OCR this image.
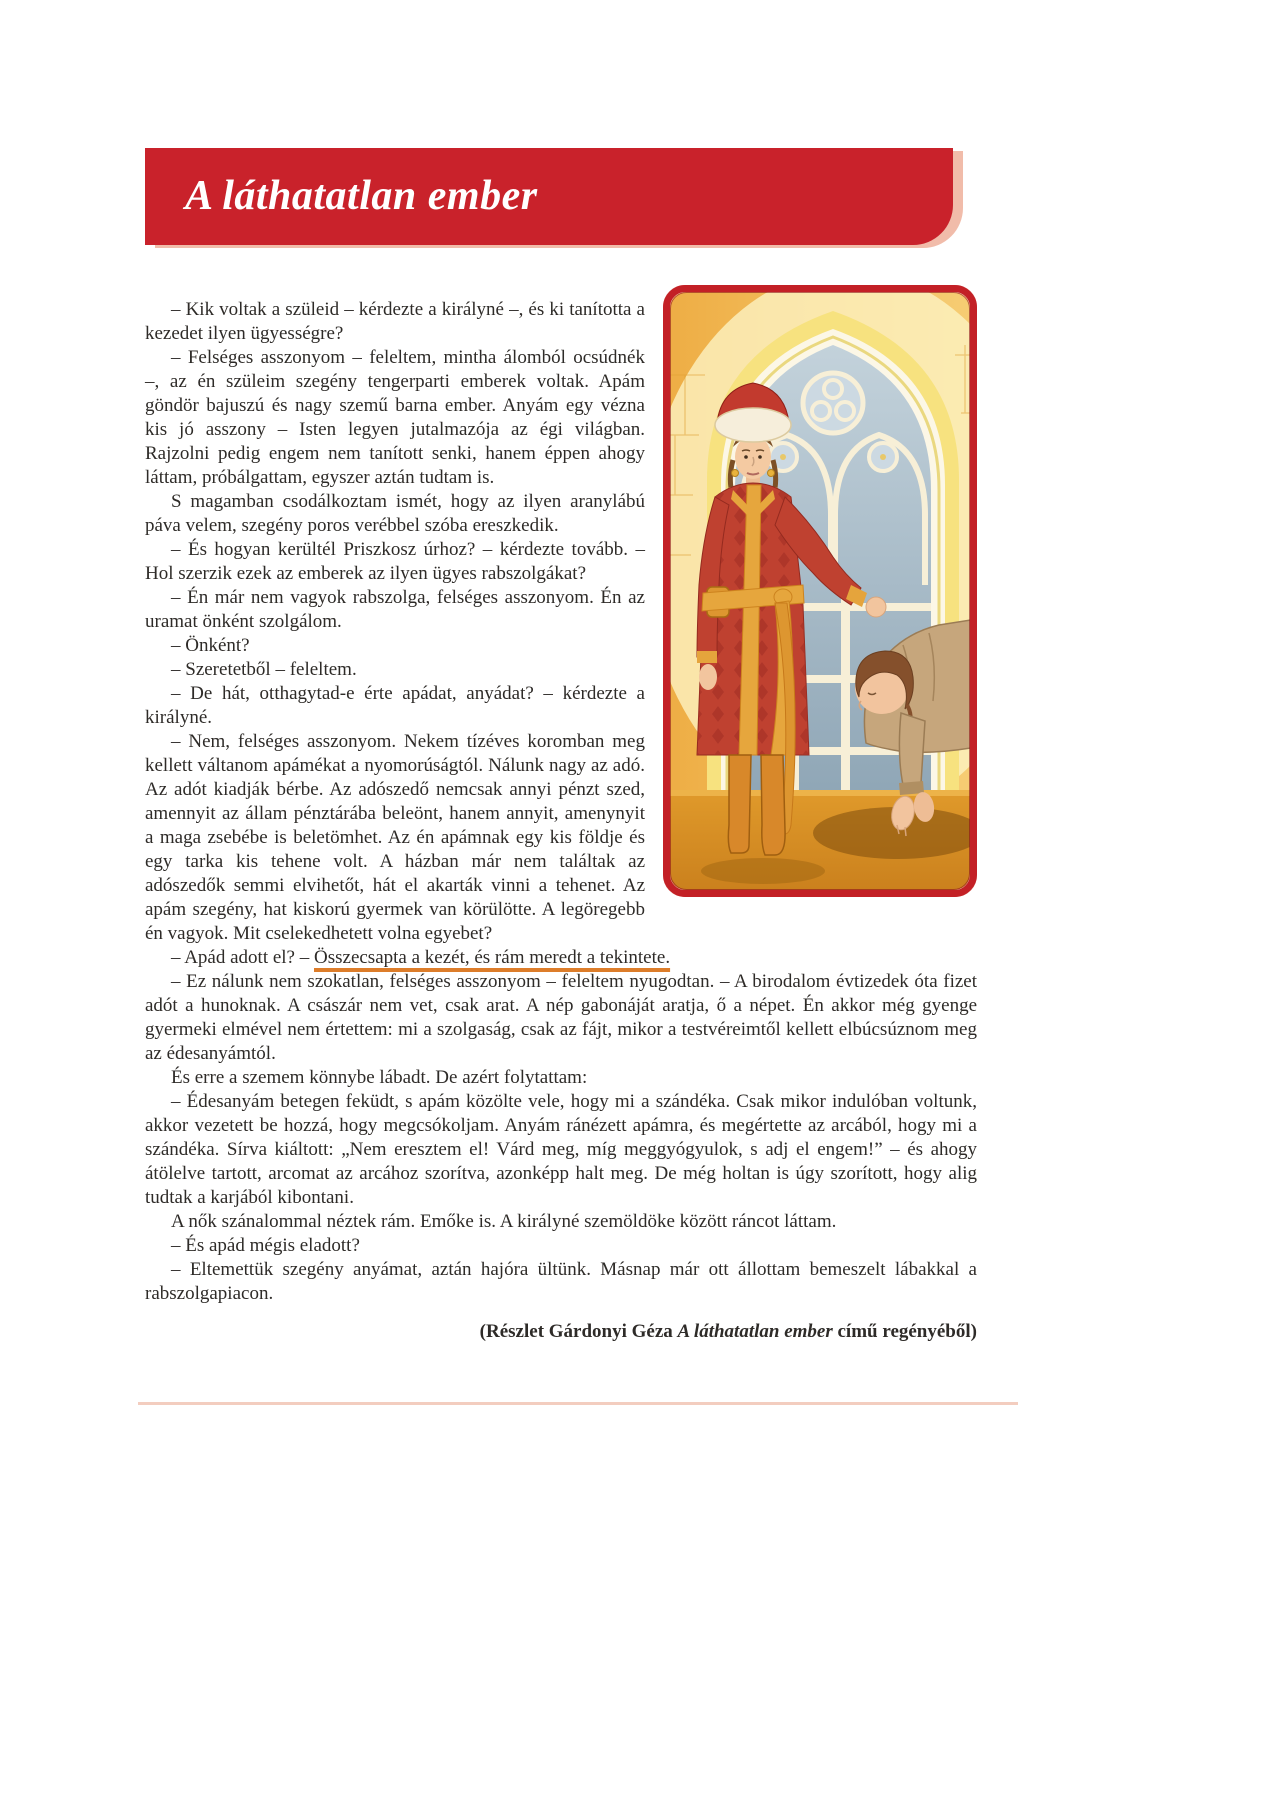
A láthatatlan ember

– Kik voltak a szüleid – kérdezte a királyné –, és ki tanította a kezedet ilyen ügyességre?

– Felséges asszonyom – feleltem, mintha álomból ocsúdnék –, az én szüleim szegény tengerparti emberek voltak. Apám göndör bajuszú és nagy szemű barna ember. Anyám egy vézna kis jó asszony – Isten legyen jutalmazója az égi világban. Rajzolni pedig engem nem tanított senki, hanem éppen ahogy láttam, próbálgattam, egyszer aztán tudtam is.

S magamban csodálkoztam ismét, hogy az ilyen aranylábú páva velem, szegény poros verébbel szóba ereszkedik.

– És hogyan kerültél Priszkosz úrhoz? – kérdezte tovább. – Hol szerzik ezek az emberek az ilyen ügyes rabszolgákat?

– Én már nem vagyok rabszolga, felséges asszonyom. Én az uramat önként szolgálom.

– Önként?

– Szeretetből – feleltem.

– De hát, otthagytad-e érte apádat, anyádat? – kérdezte a királyné.

– Nem, felséges asszonyom. Nekem tízéves koromban meg kellett váltanom apámékat a nyomorúságtól. Nálunk nagy az adó. Az adót kiadják bérbe. Az adószedő nemcsak annyi pénzt szed, amennyit az állam pénztárába beleönt, hanem annyit, amenynyit a maga zsebébe is beletömhet. Az én apámnak egy kis földje és egy tarka kis tehene volt. A házban már nem találtak az adószedők semmi elvihetőt, hát el akarták vinni a tehenet. Az apám szegény, hat kiskorú gyermek van körülötte. A legöregebb én vagyok. Mit cselekedhetett volna egyebet?

– Apád adott el? – Összecsapta a kezét, és rám meredt a tekintete.

– Ez nálunk nem szokatlan, felséges asszonyom – feleltem nyugodtan. – A birodalom évtizedek óta fizet adót a hunoknak. A császár nem vet, csak arat. A nép gabonáját aratja, ő a népet. Én akkor még gyenge gyermeki elmével nem értettem: mi a szolgaság, csak az fájt, mikor a testvéreimtől kellett elbúcsúznom meg az édesanyámtól.

És erre a szemem könnybe lábadt. De azért folytattam:

– Édesanyám betegen feküdt, s apám közölte vele, hogy mi a szándéka. Csak mikor indulóban voltunk, akkor vezetett be hozzá, hogy megcsókoljam. Anyám ránézett apámra, és megértette az arcából, hogy mi a szándéka. Sírva kiáltott: „Nem eresztem el! Várd meg, míg meggyógyulok, s adj el engem!” – és ahogy átölelve tartott, arcomat az arcához szorítva, azonképp halt meg. De még holtan is úgy szorított, hogy alig tudtak a karjából kibontani.

A nők szánalommal néztek rám. Emőke is. A királyné szemöldöke között ráncot láttam.

– És apád mégis eladott?

– Eltemettük szegény anyámat, aztán hajóra ültünk. Másnap már ott állottam bemeszelt lábakkal a rabszolgapiacon.

(Részlet Gárdonyi Géza A láthatatlan ember című regényéből)
